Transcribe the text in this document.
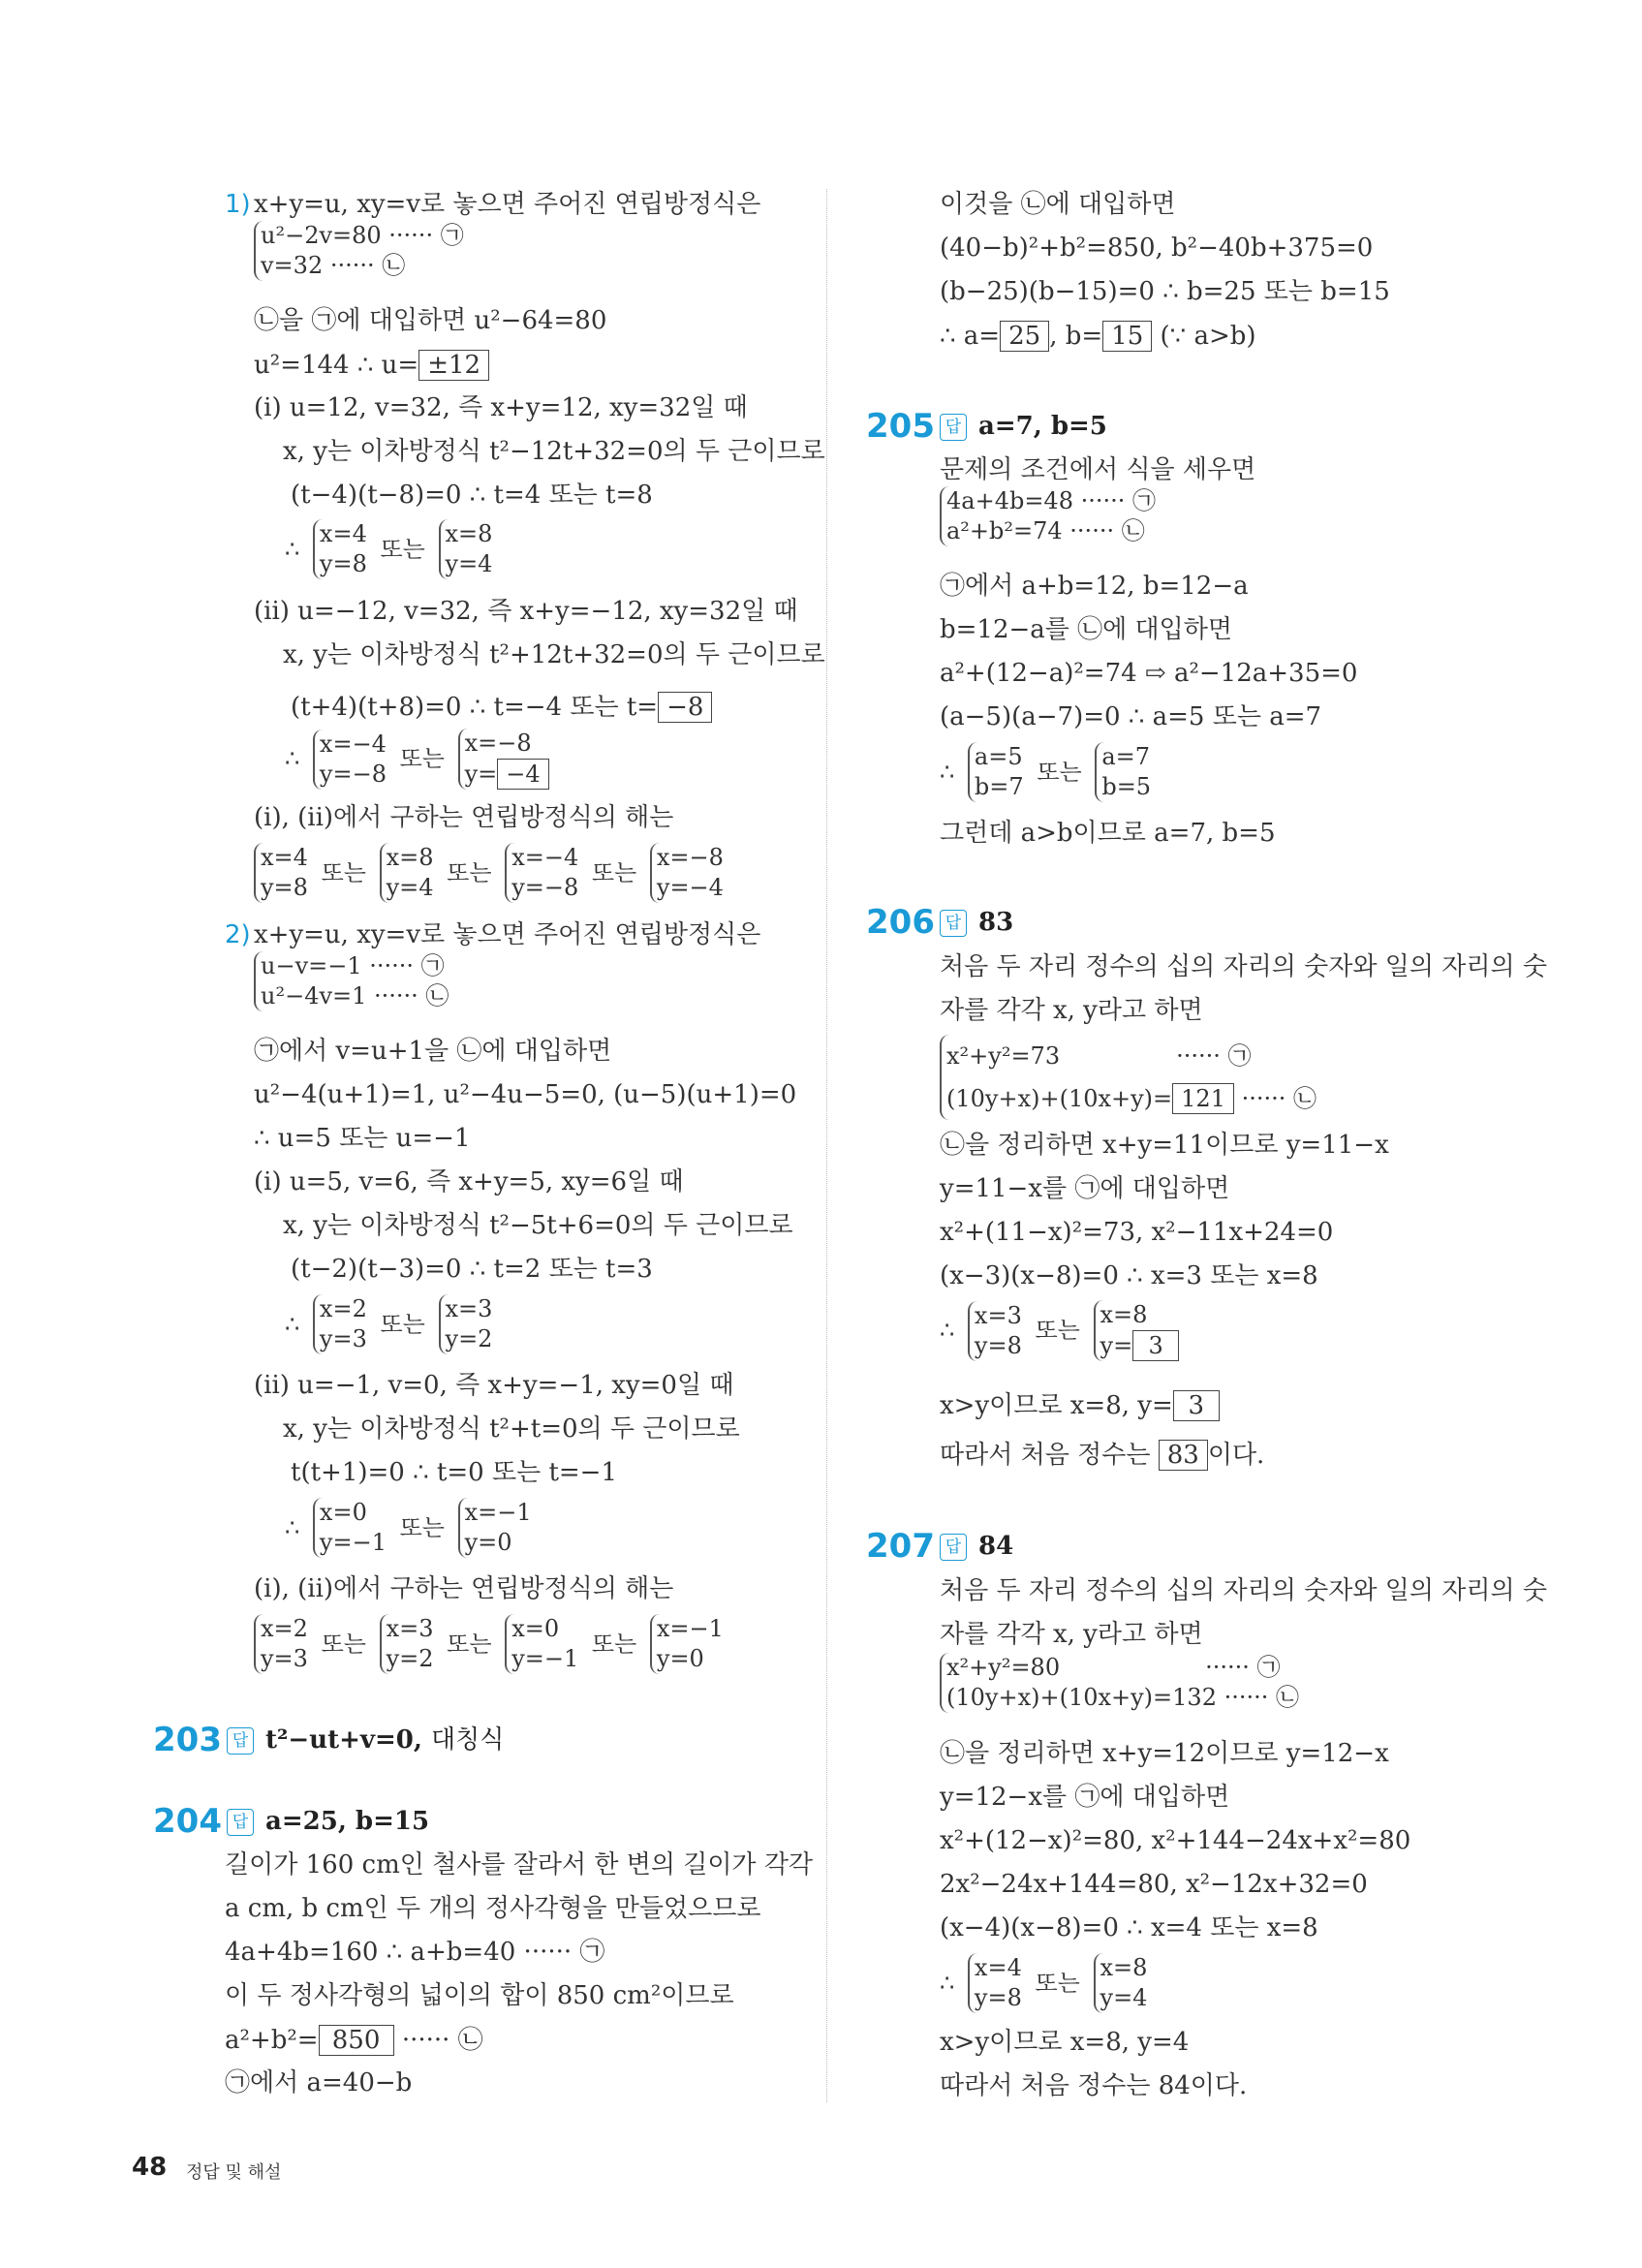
1) x+y=u, xy=v로 놓으면 주어진 연립방정식은
u²−2v=80 ······ ㉠
v=32 ······ ㉡
㉡을 ㉠에 대입하면 u²−64=80
u²=144 ∴ u= ±12
(i) u=12, v=32, 즉 x+y=12, xy=32일 때
x, y는 이차방정식 t²−12t+32=0의 두 근이므로
(t−4)(t−8)=0 ∴ t=4 또는 t=8
∴
x=4
y=8
또는
x=8
y=4
(ii) u=−12, v=32, 즉 x+y=−12, xy=32일 때
x, y는 이차방정식 t²+12t+32=0의 두 근이므로
(t+4)(t+8)=0 ∴ t=−4 또는 t= −8
∴
x=−4
y=−8
또는
x=−8
y= −4
(i), (ii)에서 구하는 연립방정식의 해는
x=4
y=8
또는
x=8
y=4
또는
x=−4
y=−8
또는
x=−8
y=−4
2) x+y=u, xy=v로 놓으면 주어진 연립방정식은
u−v=−1 ······ ㉠
u²−4v=1 ······ ㉡
㉠에서 v=u+1을 ㉡에 대입하면
u²−4(u+1)=1, u²−4u−5=0, (u−5)(u+1)=0
∴ u=5 또는 u=−1
(i) u=5, v=6, 즉 x+y=5, xy=6일 때
x, y는 이차방정식 t²−5t+6=0의 두 근이므로
(t−2)(t−3)=0 ∴ t=2 또는 t=3
∴
x=2
y=3
또는
x=3
y=2
(ii) u=−1, v=0, 즉 x+y=−1, xy=0일 때
x, y는 이차방정식 t²+t=0의 두 근이므로
t(t+1)=0 ∴ t=0 또는 t=−1
∴
x=0
y=−1
또는
x=−1
y=0
(i), (ii)에서 구하는 연립방정식의 해는
x=2
y=3
또는
x=3
y=2
또는
x=0
y=−1
또는
x=−1
y=0
203 답 t²−ut+v=0, 대칭식
204 답 a=25, b=15
길이가 160 cm인 철사를 잘라서 한 변의 길이가 각각
a cm, b cm인 두 개의 정사각형을 만들었으므로
4a+4b=160 ∴ a+b=40 ······ ㉠
이 두 정사각형의 넓이의 합이 850 cm²이므로
a²+b²= 850 ······ ㉡
㉠에서 a=40−b
이것을 ㉡에 대입하면
(40−b)²+b²=850, b²−40b+375=0
(b−25)(b−15)=0 ∴ b=25 또는 b=15
∴ a= 25 , b= 15 (∵ a>b)
205 답 a=7, b=5
문제의 조건에서 식을 세우면
4a+4b=48 ······ ㉠
a²+b²=74 ······ ㉡
㉠에서 a+b=12, b=12−a
b=12−a를 ㉡에 대입하면
a²+(12−a)²=74 ⇨ a²−12a+35=0
(a−5)(a−7)=0 ∴ a=5 또는 a=7
∴
a=5
b=7
또는
a=7
b=5
그런데 a>b이므로 a=7, b=5
206 답 83
처음 두 자리 정수의 십의 자리의 숫자와 일의 자리의 숫
자를 각각 x, y라고 하면
x²+y²=73	······ ㉠
(10y+x)+(10x+y)= 121 ······ ㉡
㉡을 정리하면 x+y=11이므로 y=11−x
y=11−x를 ㉠에 대입하면
x²+(11−x)²=73, x²−11x+24=0
(x−3)(x−8)=0 ∴ x=3 또는 x=8
∴
x=3
y=8
또는
x=8
y= 3
x>y이므로 x=8, y= 3
따라서 처음 정수는 83 이다.
207 답 84
처음 두 자리 정수의 십의 자리의 숫자와 일의 자리의 숫
자를 각각 x, y라고 하면
x²+y²=80	······ ㉠
(10y+x)+(10x+y)=132 ······ ㉡
㉡을 정리하면 x+y=12이므로 y=12−x
y=12−x를 ㉠에 대입하면
x²+(12−x)²=80, x²+144−24x+x²=80
2x²−24x+144=80, x²−12x+32=0
(x−4)(x−8)=0 ∴ x=4 또는 x=8
∴
x=4
y=8
또는
x=8
y=4
x>y이므로 x=8, y=4
따라서 처음 정수는 84이다.
48 정답 및 해설
